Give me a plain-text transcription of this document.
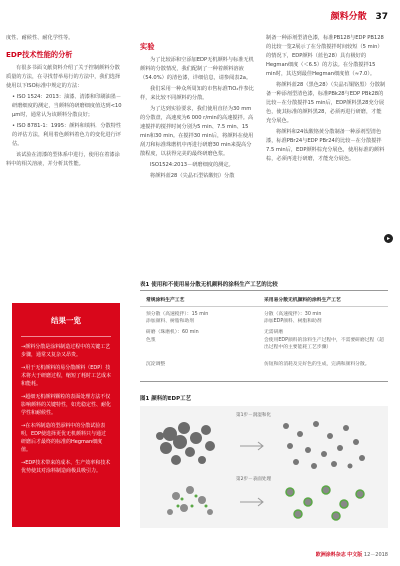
颜料分散 37

度性、耐候性、耐化学性等。

EDP技术性能的分析

有很多书面文献资料介绍了关于控制颜料分散质量的方法，在寻找替举易行的方法中，我们选择使用以下ISO标准中规定的方法：

• ISO 1524：2013：油漆、清漆和印刷油墨－研磨细度的测定，当颜料的研磨细度值达到<10 μm时，通常认为该颜料分散良好；

• ISO 8781-1：1995：颜料和填料．分散特性的评估方法，利用着色颜料着色力的变化进行评估。

该试验在清漆的型体系中进行，使用在着漆涂料中的相关溶液，并分析其性能。

实验

为了比较添和空添加EDP无机颜料与标准无机颜料的分散情况，我们配制了一种着颜料溶液（54.0%）的清色漆，详细信息，请参阅表2a。

我们采用一种众所周知的市售标准TiO₂作参比样，来比较不同颜料的分散。

为了达到实验要求，我们使用直径为30 mm的分散盘，高速度为6 000 r/min的高速搅拌。高速搅拌的搅拌时间分别为5 min、7.5 min、15 min和30 min。在搅拌30 min后，将颜料在使用刮刀和标准珠磨机中再进行研磨30 min来提高分散程度，以获得完美的最终研磨色浆。

ISO1524:2013－研磨细度的测定。

将颜料蓝28（尖晶石型钴酸铝）分散

制备一种添剂型清色漆，标准PB128与EDP PB128的比较一览2展示了在分散搅拌时间较短（5 min）的情况下，EDP颜料（蓝色28）具有极好的Hegman细度（＜6.5）的方法。在分散搅拌15 min时，其达到最佳Hegman细度值（≈7.0）。

将颜料蓝28（黑色28）（尖晶石铜铬黑）分散制备一种添剂型清色漆，标准PBk28与EDP PBk28的比较－在分散搅拌15 min后，EDP颜料黑28充分展色，使其标准的颜料黑28，必须再进行研磨，才能充分展色。

将颜料和24钛酸铬黄分散制备一种添剂型清色漆，标准PBr24与EDP PBr24的比较－在分散搅拌7.5 min后，EDP颜料棕充分展色，使用标准的颜料棕，必须再进行研磨，才能充分展色。

▸
结果一览

→颜料分散是涂料制造过程中的关键工艺步骤，通常又复杂又昂贵。

→用于无机颜料的易分散颜料（EDP）技术将大于研磨过程，缩短了耗时工艺成本和能耗。

→超细无机颜料颗粒的表面处理方法不仅影响颜料的关键特性，如光稳定性、耐化学性和耐候性。

→在本所制造的型添料中的分散试验表明，EDP使选择更优无机颜料只与通过研磨后才最终的标准的Hegman细度值。

→EDP技术带来的成本、生产效率和技术优势使其对涂料制造商极具吸引力。

表1 使用和不使用易分散无机颜料的涂料生产工艺的比较
常规涂料生产工艺	采用易分散无机颜料的涂料生产工艺
预分散（高速搅拌）：15 min
添加颜料、树脂和助剂
研磨（珠磨机）：60 min
色浆
沉淀调整
分散（高速搅拌）：30 min
添加EDP颜料、树脂和助剂
无需研磨
会使用EDP颜料的涂料生产过程中，不需要研磨过程（超出过程中的主要能耗工艺步骤）
仿短和的消耗及完好色的生成，完满和颜料分散。
图1 颜料的EDP工艺
第1步－润湿和化
第2步－表面处理
欧洲涂料杂志 中文版 12－2018
